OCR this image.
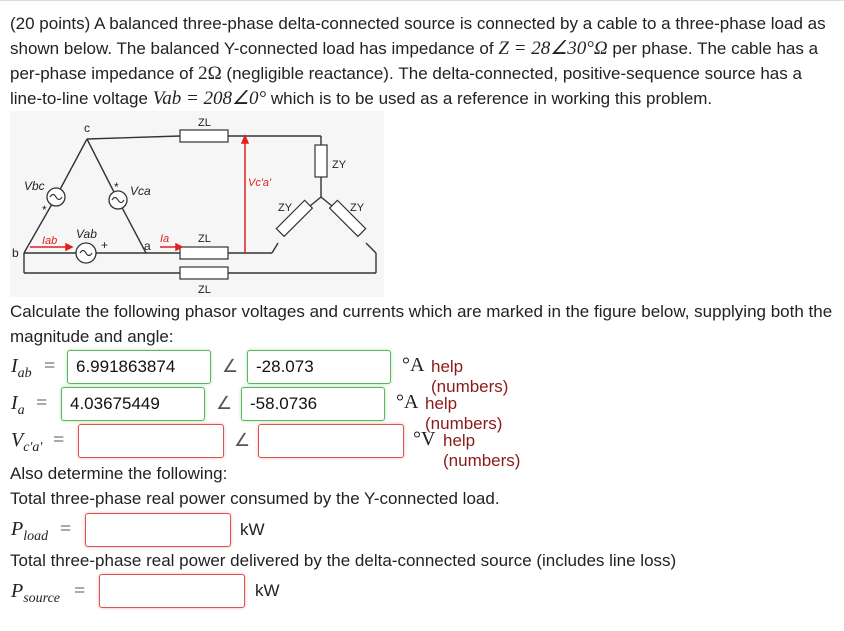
(20 points) A balanced three-phase delta-connected source is connected by a cable to a three-phase load as shown below. The balanced Y-connected load has impedance of Z = 28∠30°Ω per phase. The cable has a per-phase impedance of 2Ω (negligible reactance). The delta-connected, positive-sequence source has a line-to-line voltage Vab = 208∠0° which is to be used as a reference in working this problem.
c
b	a
Vbc	Vca
Vab
+
*
*
ZL
ZL
ZL
ZY
ZY	ZY
Iab	Ia
Vc'a'
Calculate the following phasor voltages and currents which are marked in the figure below, supplying both the magnitude and angle:
$I_{ab}$ =	6.991863874	∠	-28.073	°A help (numbers)
$I_a$ =	4.03675449	∠	-58.0736	°A help (numbers)
$V_{c'a'}$ =	∠	°V help (numbers)
Also determine the following:
Total three-phase real power consumed by the Y-connected load.
$P_{load}$ =	kW
Total three-phase real power delivered by the delta-connected source (includes line loss)
$P_{source}$ =	kW
